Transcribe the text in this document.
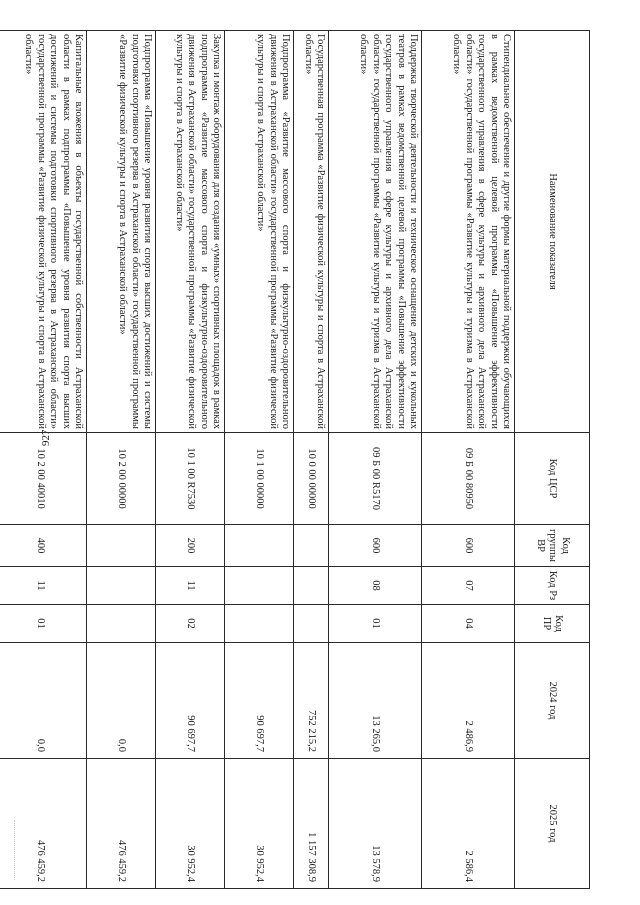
927
Наименование показателя	Код ЦСР	Код группы ВР	Код Рз	Код ПР	2024 год	2025 год
Стипендиальное обеспечение и другие формы материальной поддержки обучающихся в рамках ведомственной целевой программы «Повышение эффективности государственного управления в сфере культуры и архивного дела Астраханской области» государственной программы «Развитие культуры и туризма в Астраханской области»	09 Б 00 80950	600	07	04	2 486,9	2 586,4
Поддержка творческой деятельности и техническое оснащение детских и кукольных театров в рамках ведомственной целевой программы «Повышение эффективности государственного управления в сфере культуры и архивного дела Астраханской области» государственной программы «Развитие культуры и туризма в Астраханской области»	09 Б 00 R5170	600	08	01	13 265,0	13 578,9
Государственная программа «Развитие физической культуры и спорта в Астраханской области»	10 0 00 00000				752 215,2	1 157 308,9
Подпрограмма «Развитие массового спорта и физкультурно-оздоровительного движения в Астраханской области» государственной программы «Развитие физической культуры и спорта в Астраханской области»	10 1 00 00000				90 697,7	30 952,4
Закупка и монтаж оборудования для создания «умных» спортивных площадок в рамках подпрограммы «Развитие массового спорта и физкультурно-оздоровительного движения в Астраханской области» государственной программы «Развитие физической культуры и спорта в Астраханской области»	10 1 00 R7530	200	11	02	90 697,7	30 952,4
Подпрограмма «Повышение уровня развития спорта высших достижений и системы подготовки спортивного резерва в Астраханской области» государственной программы «Развитие физической культуры и спорта в Астраханской области»	10 2 00 00000				0,0	476 459,2
Капитальные вложения в объекты государственной собственности Астраханской области в рамках подпрограммы «Повышение уровня развития спорта высших достижений и системы подготовки спортивного резерва в Астраханской области» государственной программы «Развитие физической культуры и спорта в Астраханской области»	10 2 00 40010	400	11	01	0,0	476 459,2
